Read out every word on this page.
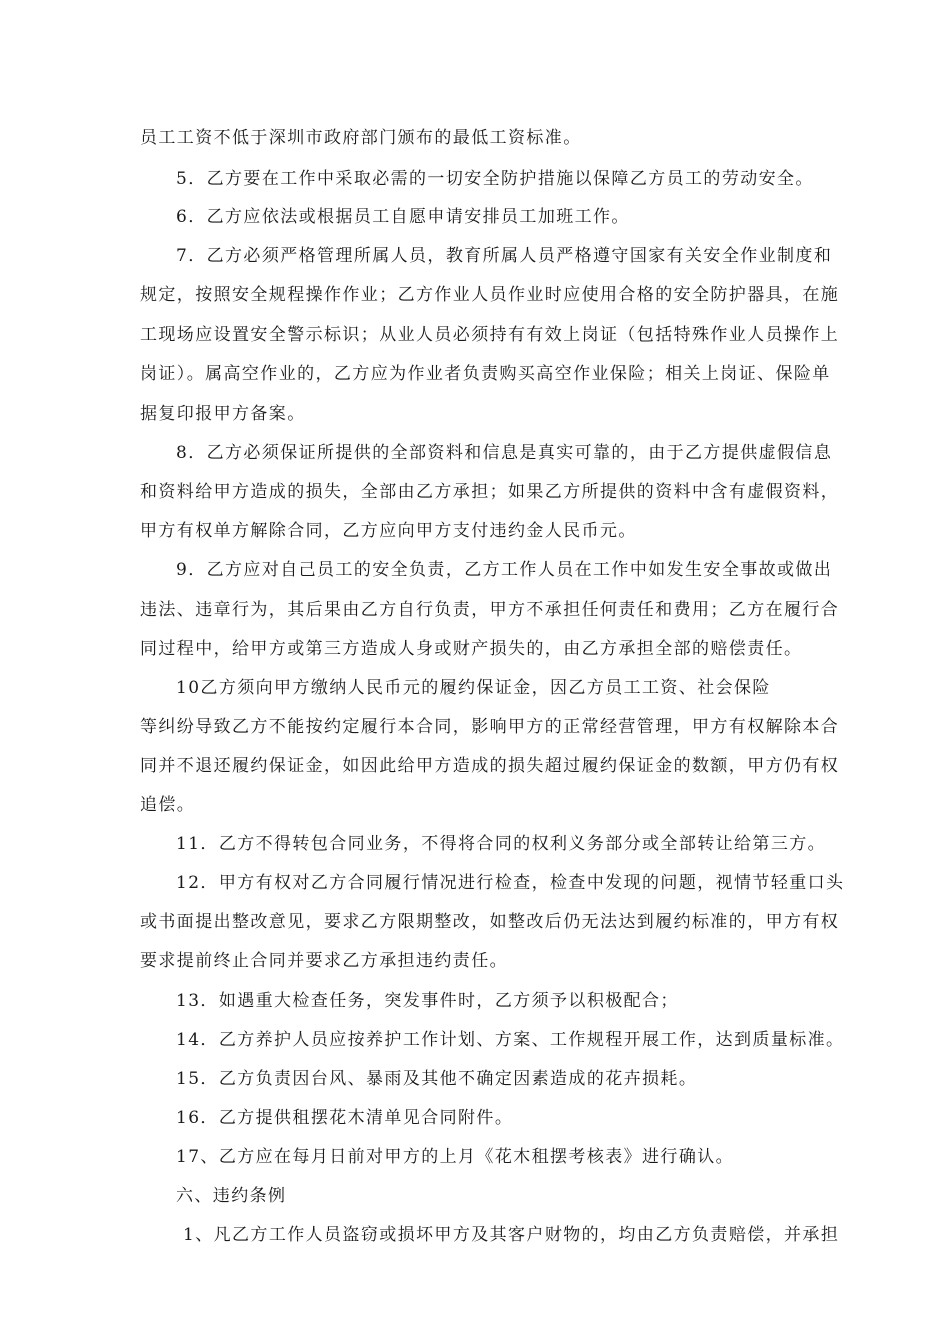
员工工资不低于深圳市政府部门颁布的最低工资标准。
5．乙方要在工作中采取必需的一切安全防护措施以保障乙方员工的劳动安全。
6．乙方应依法或根据员工自愿申请安排员工加班工作。
7．乙方必须严格管理所属人员，教育所属人员严格遵守国家有关安全作业制度和
规定，按照安全规程操作作业；乙方作业人员作业时应使用合格的安全防护器具，在施
工现场应设置安全警示标识；从业人员必须持有有效上岗证（包括特殊作业人员操作上
岗证）。属高空作业的，乙方应为作业者负责购买高空作业保险；相关上岗证、保险单
据复印报甲方备案。
8．乙方必须保证所提供的全部资料和信息是真实可靠的，由于乙方提供虚假信息
和资料给甲方造成的损失，全部由乙方承担；如果乙方所提供的资料中含有虚假资料，
甲方有权单方解除合同，乙方应向甲方支付违约金人民币元。
9．乙方应对自己员工的安全负责，乙方工作人员在工作中如发生安全事故或做出
违法、违章行为，其后果由乙方自行负责，甲方不承担任何责任和费用；乙方在履行合
同过程中，给甲方或第三方造成人身或财产损失的，由乙方承担全部的赔偿责任。
10乙方须向甲方缴纳人民币元的履约保证金，因乙方员工工资、社会保险
等纠纷导致乙方不能按约定履行本合同，影响甲方的正常经营管理，甲方有权解除本合
同并不退还履约保证金，如因此给甲方造成的损失超过履约保证金的数额，甲方仍有权
追偿。
11．乙方不得转包合同业务，不得将合同的权利义务部分或全部转让给第三方。
12．甲方有权对乙方合同履行情况进行检查，检查中发现的问题，视情节轻重口头
或书面提出整改意见，要求乙方限期整改，如整改后仍无法达到履约标准的，甲方有权
要求提前终止合同并要求乙方承担违约责任。
13．如遇重大检查任务，突发事件时，乙方须予以积极配合；
14．乙方养护人员应按养护工作计划、方案、工作规程开展工作，达到质量标准。
15．乙方负责因台风、暴雨及其他不确定因素造成的花卉损耗。
16．乙方提供租摆花木清单见合同附件。
17、乙方应在每月日前对甲方的上月《花木租摆考核表》进行确认。
六、违约条例
1、凡乙方工作人员盗窃或损坏甲方及其客户财物的，均由乙方负责赔偿，并承担
